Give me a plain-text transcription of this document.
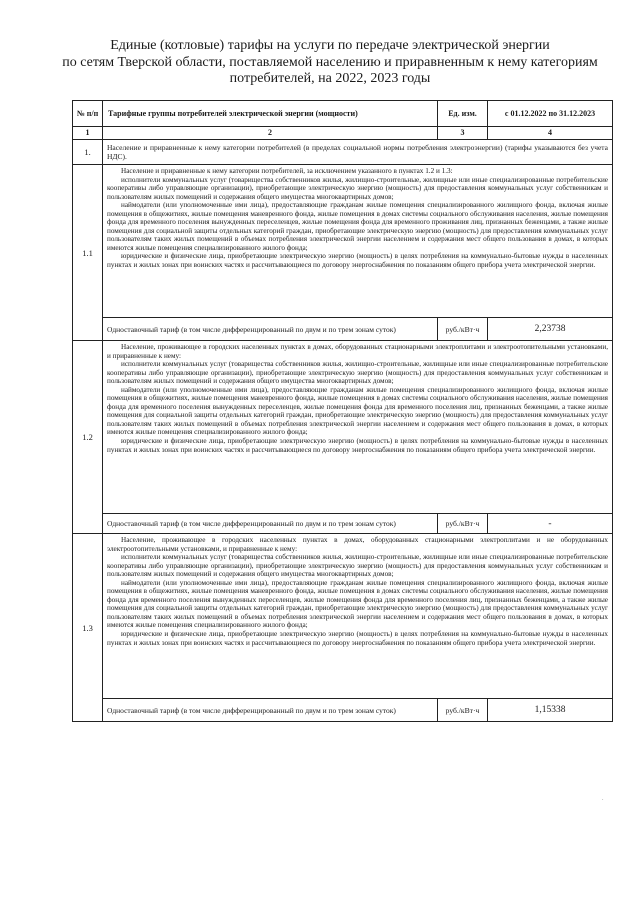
Единые (котловые) тарифы на услуги по передаче электрической энергии
по сетям Тверской области, поставляемой населению и приравненным к нему категориям
потребителей, на 2022, 2023 годы
№ п/п	Тарифные группы потребителей электрической энергии (мощности)	Ед. изм.	с 01.12.2022 по 31.12.2023
1	2	3	4
1.	Население и приравненные к нему категории потребителей (в пределах социальной нормы потребления электроэнергии) (тарифы указываются без учета НДС).		
1.1	Население и приравненные к нему категории потребителей, за исключением указанного в пунктах 1.2 и 1.3:

исполнители коммунальных услуг (товарищества собственников жилья, жилищно-строительные, жилищные или иные специализированные потребительские кооперативы либо управляющие организации), приобретающие электрическую энергию (мощность) для предоставления коммунальных услуг собственникам и пользователям жилых помещений и содержания общего имущества многоквартирных домов;

наймодатели (или уполномоченные ими лица), предоставляющие гражданам жилые помещения специализированного жилищного фонда, включая жилые помещения в общежитиях, жилые помещения маневренного фонда, жилые помещения в домах системы социального обслуживания населения, жилые помещения фонда для временного поселения вынужденных переселенцев, жилые помещения фонда для временного проживания лиц, признанных беженцами, а также жилые помещения для социальной защиты отдельных категорий граждан, приобретающие электрическую энергию (мощность) для предоставления коммунальных услуг пользователям таких жилых помещений в объемах потребления электрической энергии населением и содержания мест общего пользования в домах, в которых имеются жилые помещения специализированного жилого фонда;

юридические и физические лица, приобретающие электрическую энергию (мощность) в целях потребления на коммунально-бытовые нужды в населенных пунктах и жилых зонах при воинских частях и рассчитывающиеся по договору энергоснабжения по показаниям общего прибора учета электрической энергии.		

	Одноставочный тариф (в том числе дифференцированный по двум и по трем зонам суток)	руб./кВт·ч	2,23738
1.2	Население, проживающее в городских населенных пунктах в домах, оборудованных стационарными электроплитами и электроотопительными установками, и приравненные к нему:

исполнители коммунальных услуг (товарищества собственников жилья, жилищно-строительные, жилищные или иные специализированные потребительские кооперативы либо управляющие организации), приобретающие электрическую энергию (мощность) для предоставления коммунальных услуг собственникам и пользователям жилых помещений и содержания общего имущества многоквартирных домов;

наймодатели (или уполномоченные ими лица), предоставляющие гражданам жилые помещения специализированного жилищного фонда, включая жилые помещения в общежитиях, жилые помещения маневренного фонда, жилые помещения в домах системы социального обслуживания населения, жилые помещения фонда для временного поселения вынужденных переселенцев, жилые помещения фонда для временного поселения лиц, признанных беженцами, а также жилые помещения для социальной защиты отдельных категорий граждан, приобретающие электрическую энергию (мощность) для предоставления коммунальных услуг пользователям таких жилых помещений в объемах потребления электрической энергии населением и содержания мест общего пользования в домах, в которых имеются жилые помещения специализированного жилого фонда;

юридические и физические лица, приобретающие электрическую энергию (мощность) в целях потребления на коммунально-бытовые нужды в населенных пунктах и жилых зонах при воинских частях и рассчитывающиеся по договору энергоснабжения по показаниям общего прибора учета электрической энергии.		

	Одноставочный тариф (в том числе дифференцированный по двум и по трем зонам суток)	руб./кВт·ч	-
1.3	Население, проживающее в городских населенных пунктах в домах, оборудованных стационарными электроплитами и не оборудованных электроотопительными установками, и приравненные к нему:

исполнители коммунальных услуг (товарищества собственников жилья, жилищно-строительные, жилищные или иные специализированные потребительские кооперативы либо управляющие организации), приобретающие электрическую энергию (мощность) для предоставления коммунальных услуг собственникам и пользователям жилых помещений и содержания общего имущества многоквартирных домов;

наймодатели (или уполномоченные ими лица), предоставляющие гражданам жилые помещения специализированного жилищного фонда, включая жилые помещения в общежитиях, жилые помещения маневренного фонда, жилые помещения в домах системы социального обслуживания населения, жилые помещения фонда для временного поселения вынужденных переселенцев, жилые помещения фонда для временного поселения лиц, признанных беженцами, а также жилые помещения для социальной защиты отдельных категорий граждан, приобретающие электрическую энергию (мощность) для предоставления коммунальных услуг пользователям таких жилых помещений в объемах потребления электрической энергии населением и содержания мест общего пользования в домах, в которых имеются жилые помещения специализированного жилого фонда;

юридические и физические лица, приобретающие электрическую энергию (мощность) в целях потребления на коммунально-бытовые нужды в населенных пунктах и жилых зонах при воинских частях и рассчитывающиеся по договору энергоснабжения по показаниям общего прибора учета электрической энергии.		

	Одноставочный тариф (в том числе дифференцированный по двум и по трем зонам суток)	руб./кВт·ч	1,15338
.
